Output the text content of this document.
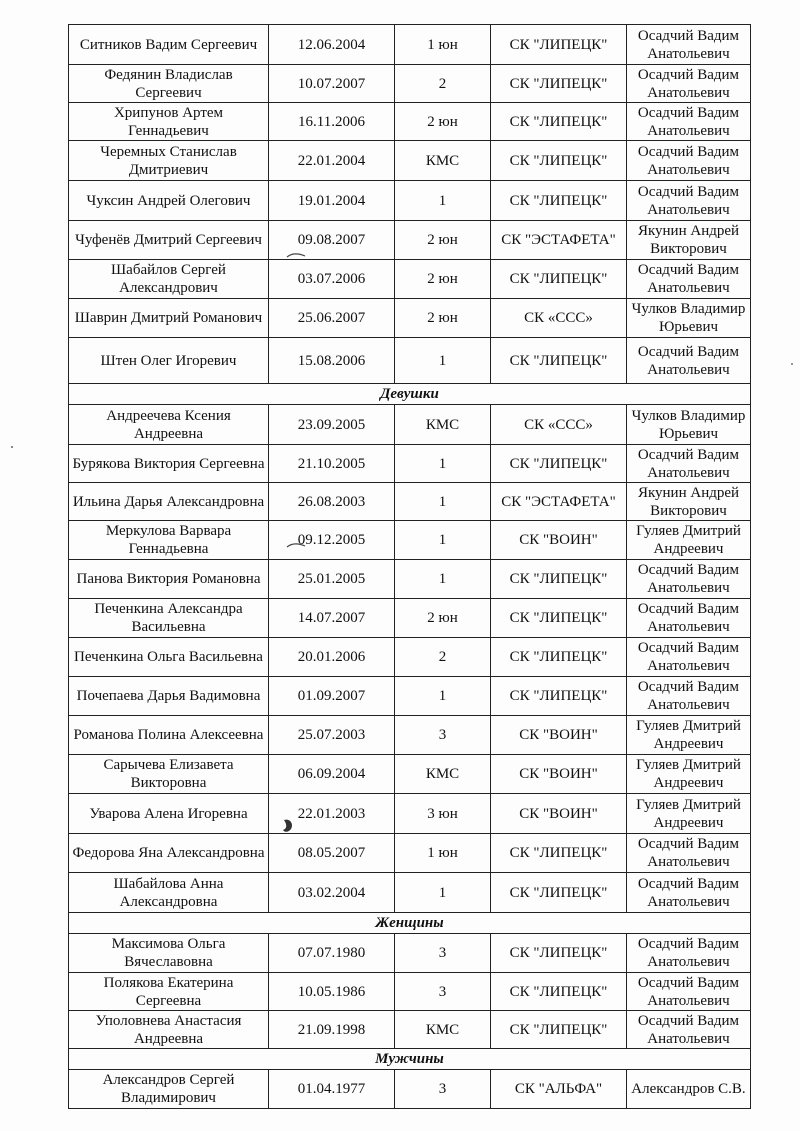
Ситников Вадим Сергеевич	12.06.2004	1 юн	СК "ЛИПЕЦК"	Осадчий Вадим Анатольевич
Федянин Владислав Сергеевич	10.07.2007	2	СК "ЛИПЕЦК"	Осадчий Вадим Анатольевич
Хрипунов Артем Геннадьевич	16.11.2006	2 юн	СК "ЛИПЕЦК"	Осадчий Вадим Анатольевич
Черемных Станислав Дмитриевич	22.01.2004	КМС	СК "ЛИПЕЦК"	Осадчий Вадим Анатольевич
Чуксин Андрей Олегович	19.01.2004	1	СК "ЛИПЕЦК"	Осадчий Вадим Анатольевич
Чуфенёв Дмитрий Сергеевич	09.08.2007	2 юн	СК "ЭСТАФЕТА"	Якунин Андрей Викторович
Шабайлов Сергей Александрович	03.07.2006	2 юн	СК "ЛИПЕЦК"	Осадчий Вадим Анатольевич
Шаврин Дмитрий Романович	25.06.2007	2 юн	СК «ССС»	Чулков Владимир Юрьевич
Штен Олег Игоревич	15.08.2006	1	СК "ЛИПЕЦК"	Осадчий Вадим Анатольевич
Девушки				
Андреечева Ксения Андреевна	23.09.2005	КМС	СК «ССС»	Чулков Владимир Юрьевич
Бурякова Виктория Сергеевна	21.10.2005	1	СК "ЛИПЕЦК"	Осадчий Вадим Анатольевич
Ильина Дарья Александровна	26.08.2003	1	СК "ЭСТАФЕТА"	Якунин Андрей Викторович
Меркулова Варвара Геннадьевна	09.12.2005	1	СК "ВОИН"	Гуляев Дмитрий Андреевич
Панова Виктория Романовна	25.01.2005	1	СК "ЛИПЕЦК"	Осадчий Вадим Анатольевич
Печенкина Александра Васильевна	14.07.2007	2 юн	СК "ЛИПЕЦК"	Осадчий Вадим Анатольевич
Печенкина Ольга Васильевна	20.01.2006	2	СК "ЛИПЕЦК"	Осадчий Вадим Анатольевич
Почепаева Дарья Вадимовна	01.09.2007	1	СК "ЛИПЕЦК"	Осадчий Вадим Анатольевич
Романова Полина Алексеевна	25.07.2003	3	СК "ВОИН"	Гуляев Дмитрий Андреевич
Сарычева Елизавета Викторовна	06.09.2004	КМС	СК "ВОИН"	Гуляев Дмитрий Андреевич
Уварова Алена Игоревна	22.01.2003	3 юн	СК "ВОИН"	Гуляев Дмитрий Андреевич
Федорова Яна Александровна	08.05.2007	1 юн	СК "ЛИПЕЦК"	Осадчий Вадим Анатольевич
Шабайлова Анна Александровна	03.02.2004	1	СК "ЛИПЕЦК"	Осадчий Вадим Анатольевич
Женщины				
Максимова Ольга Вячеславовна	07.07.1980	3	СК "ЛИПЕЦК"	Осадчий Вадим Анатольевич
Полякова Екатерина Сергеевна	10.05.1986	3	СК "ЛИПЕЦК"	Осадчий Вадим Анатольевич
Уполовнева Анастасия Андреевна	21.09.1998	КМС	СК "ЛИПЕЦК"	Осадчий Вадим Анатольевич
Мужчины				
Александров Сергей Владимирович	01.04.1977	3	СК "АЛЬФА"	Александров С.В.
